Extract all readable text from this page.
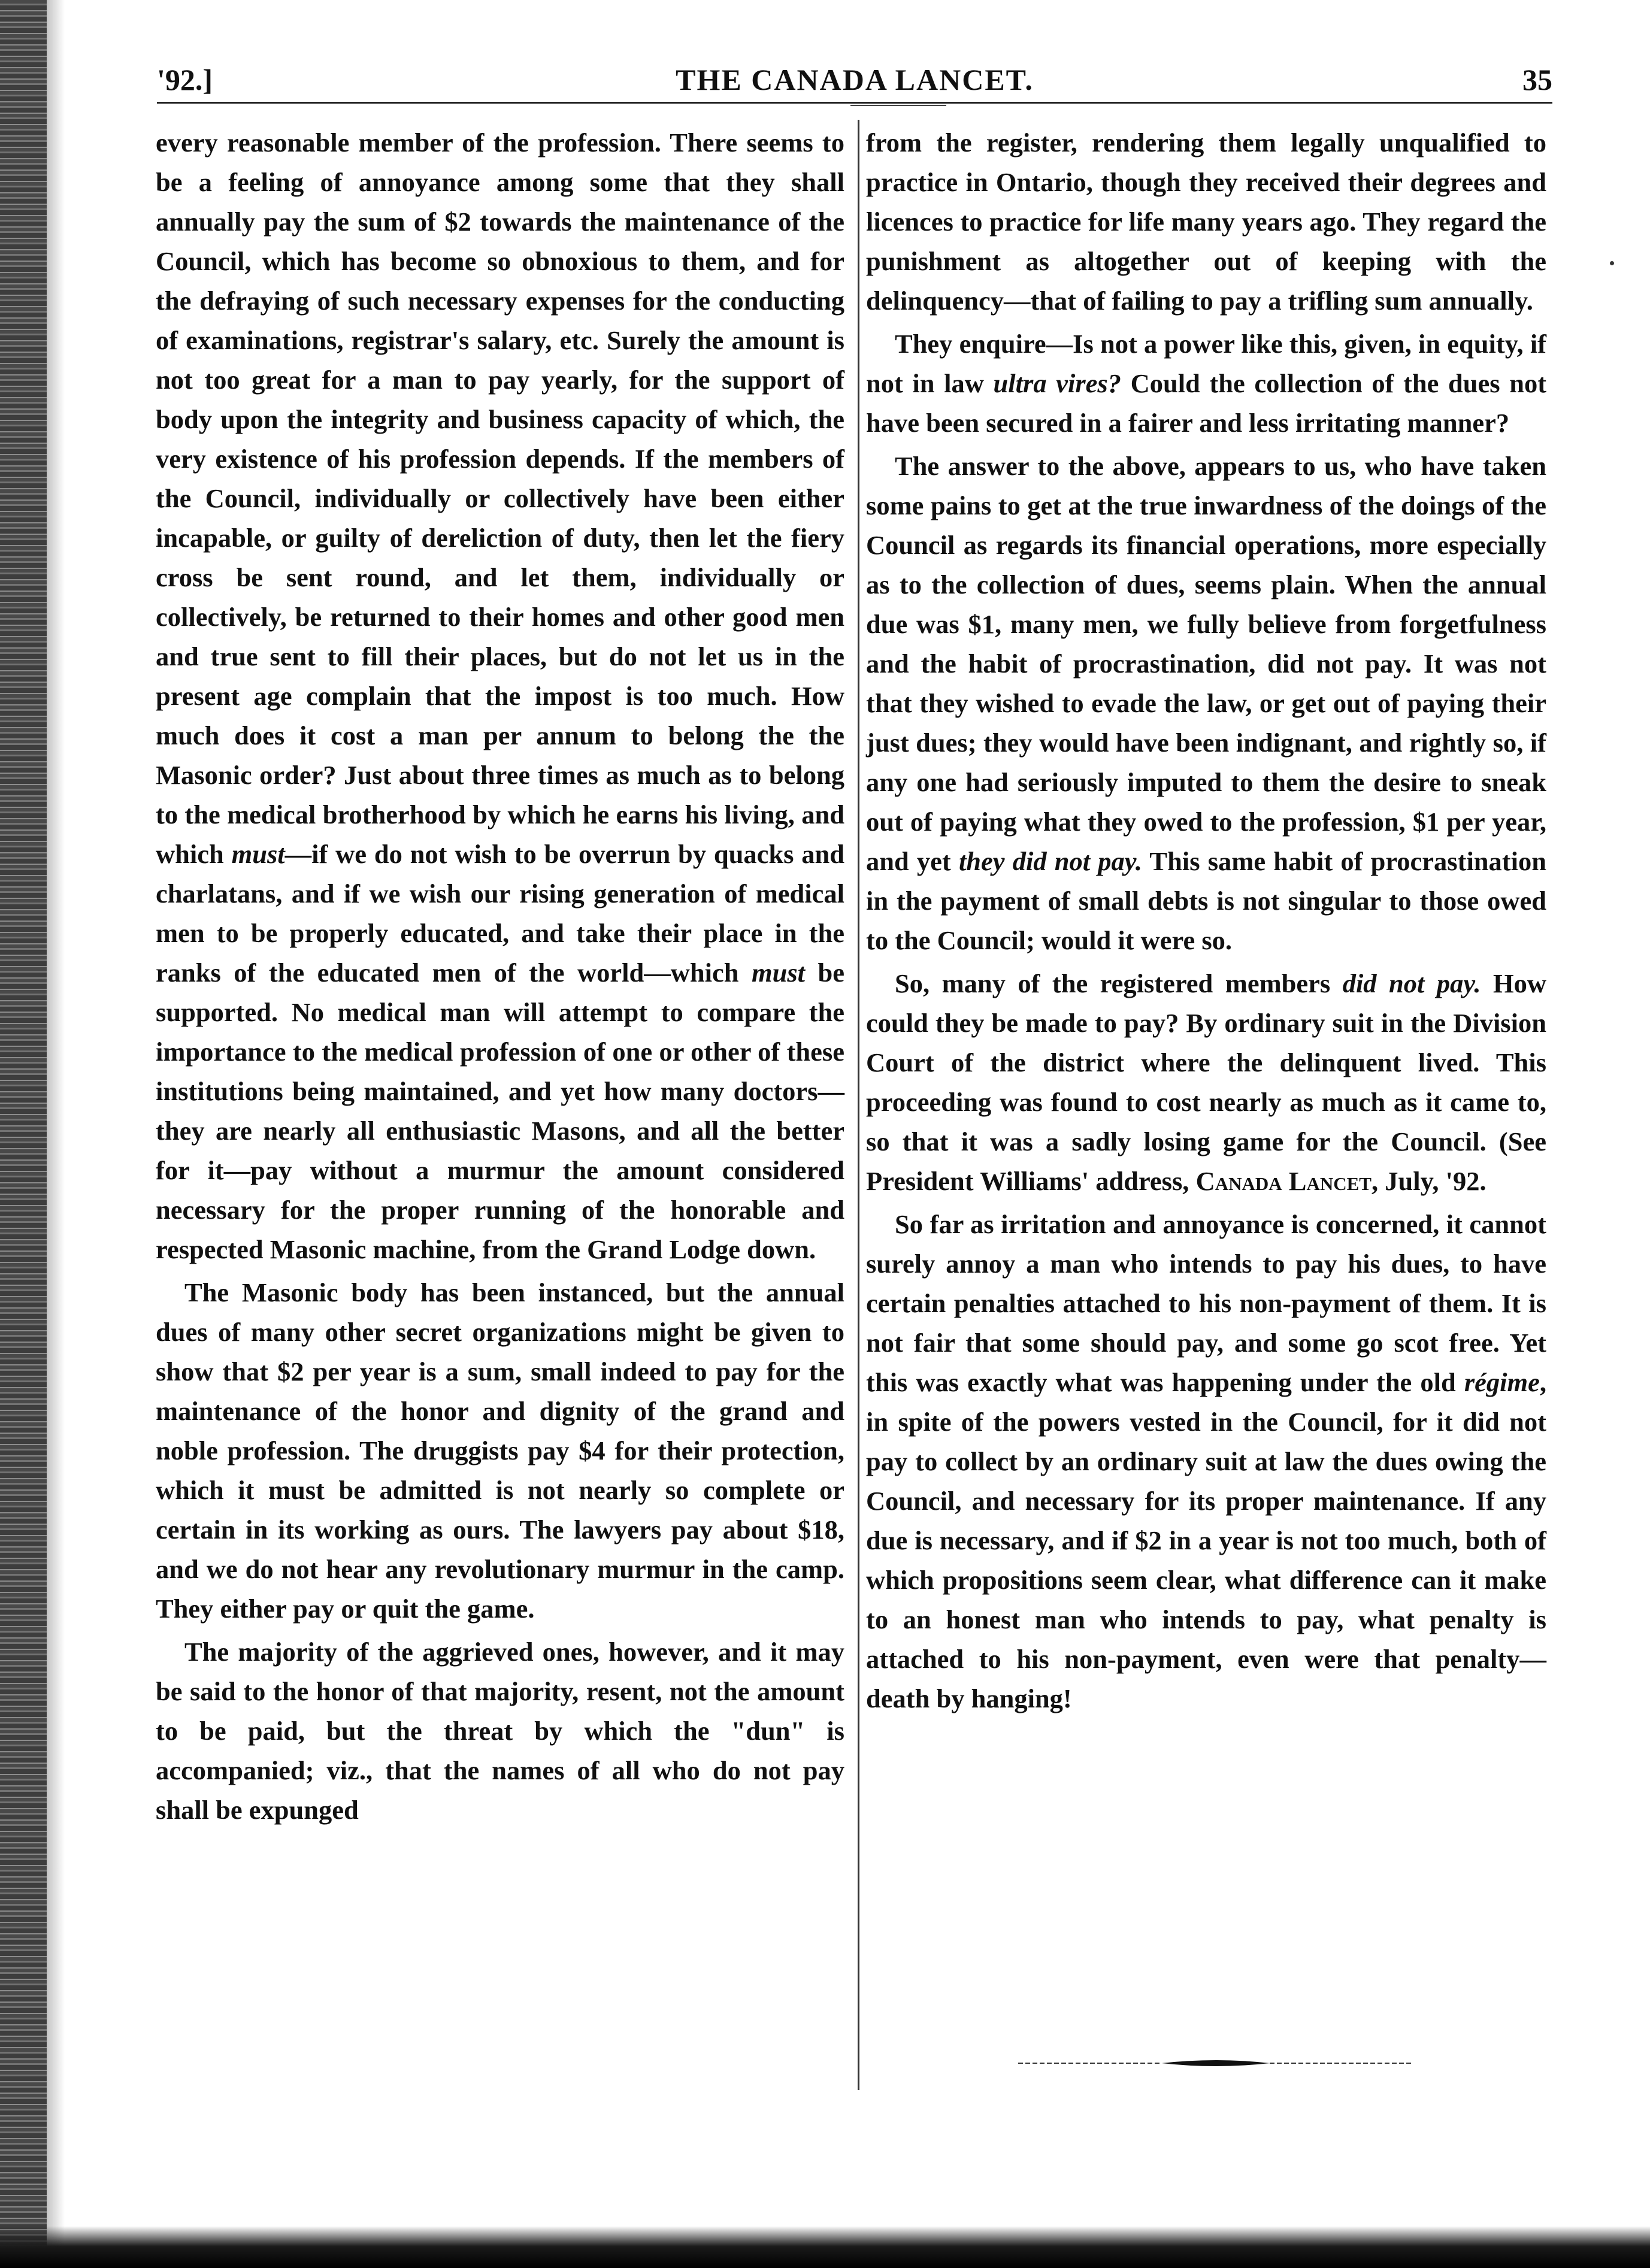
'92.]	THE CANADA LANCET.	35

every reasonable member of the profession. There seems to be a feeling of annoyance among some that they shall annually pay the sum of $2 towards the maintenance of the Council, which has become so obnoxious to them, and for the defraying of such necessary expenses for the conducting of examinations, registrar's salary, etc. Surely the amount is not too great for a man to pay yearly, for the support of body upon the integrity and business capacity of which, the very existence of his profession depends. If the members of the Council, individually or collectively have been either incapable, or guilty of dereliction of duty, then let the fiery cross be sent round, and let them, individually or collectively, be returned to their homes and other good men and true sent to fill their places, but do not let us in the present age complain that the impost is too much. How much does it cost a man per annum to belong the the Masonic order? Just about three times as much as to belong to the medical brotherhood by which he earns his living, and which must—if we do not wish to be overrun by quacks and charlatans, and if we wish our rising generation of medical men to be properly educated, and take their place in the ranks of the educated men of the world—which must be supported. No medical man will attempt to compare the importance to the medical profession of one or other of these institutions being maintained, and yet how many doctors—they are nearly all enthusiastic Masons, and all the better for it—pay without a murmur the amount considered necessary for the proper running of the honorable and respected Masonic machine, from the Grand Lodge down.

The Masonic body has been instanced, but the annual dues of many other secret organizations might be given to show that $2 per year is a sum, small indeed to pay for the maintenance of the honor and dignity of the grand and noble profession. The druggists pay $4 for their protection, which it must be admitted is not nearly so complete or certain in its working as ours. The lawyers pay about $18, and we do not hear any revolutionary murmur in the camp. They either pay or quit the game.

The majority of the aggrieved ones, however, and it may be said to the honor of that majority, resent, not the amount to be paid, but the threat by which the "dun" is accompanied; viz., that the names of all who do not pay shall be expunged

from the register, rendering them legally unqualified to practice in Ontario, though they received their degrees and licences to practice for life many years ago. They regard the punishment as altogether out of keeping with the delinquency—that of failing to pay a trifling sum annually.

They enquire—Is not a power like this, given, in equity, if not in law ultra vires? Could the collection of the dues not have been secured in a fairer and less irritating manner?

The answer to the above, appears to us, who have taken some pains to get at the true inwardness of the doings of the Council as regards its financial operations, more especially as to the collection of dues, seems plain. When the annual due was $1, many men, we fully believe from forgetfulness and the habit of procrastination, did not pay. It was not that they wished to evade the law, or get out of paying their just dues; they would have been indignant, and rightly so, if any one had seriously imputed to them the desire to sneak out of paying what they owed to the profession, $1 per year, and yet they did not pay. This same habit of procrastination in the payment of small debts is not singular to those owed to the Council; would it were so.

So, many of the registered members did not pay. How could they be made to pay? By ordinary suit in the Division Court of the district where the delinquent lived. This proceeding was found to cost nearly as much as it came to, so that it was a sadly losing game for the Council. (See President Williams' address, Canada Lancet, July, '92.

So far as irritation and annoyance is concerned, it cannot surely annoy a man who intends to pay his dues, to have certain penalties attached to his non-payment of them. It is not fair that some should pay, and some go scot free. Yet this was exactly what was happening under the old régime, in spite of the powers vested in the Council, for it did not pay to collect by an ordinary suit at law the dues owing the Council, and necessary for its proper maintenance. If any due is necessary, and if $2 in a year is not too much, both of which propositions seem clear, what difference can it make to an honest man who intends to pay, what penalty is attached to his non-payment, even were that penalty—death by hanging!
